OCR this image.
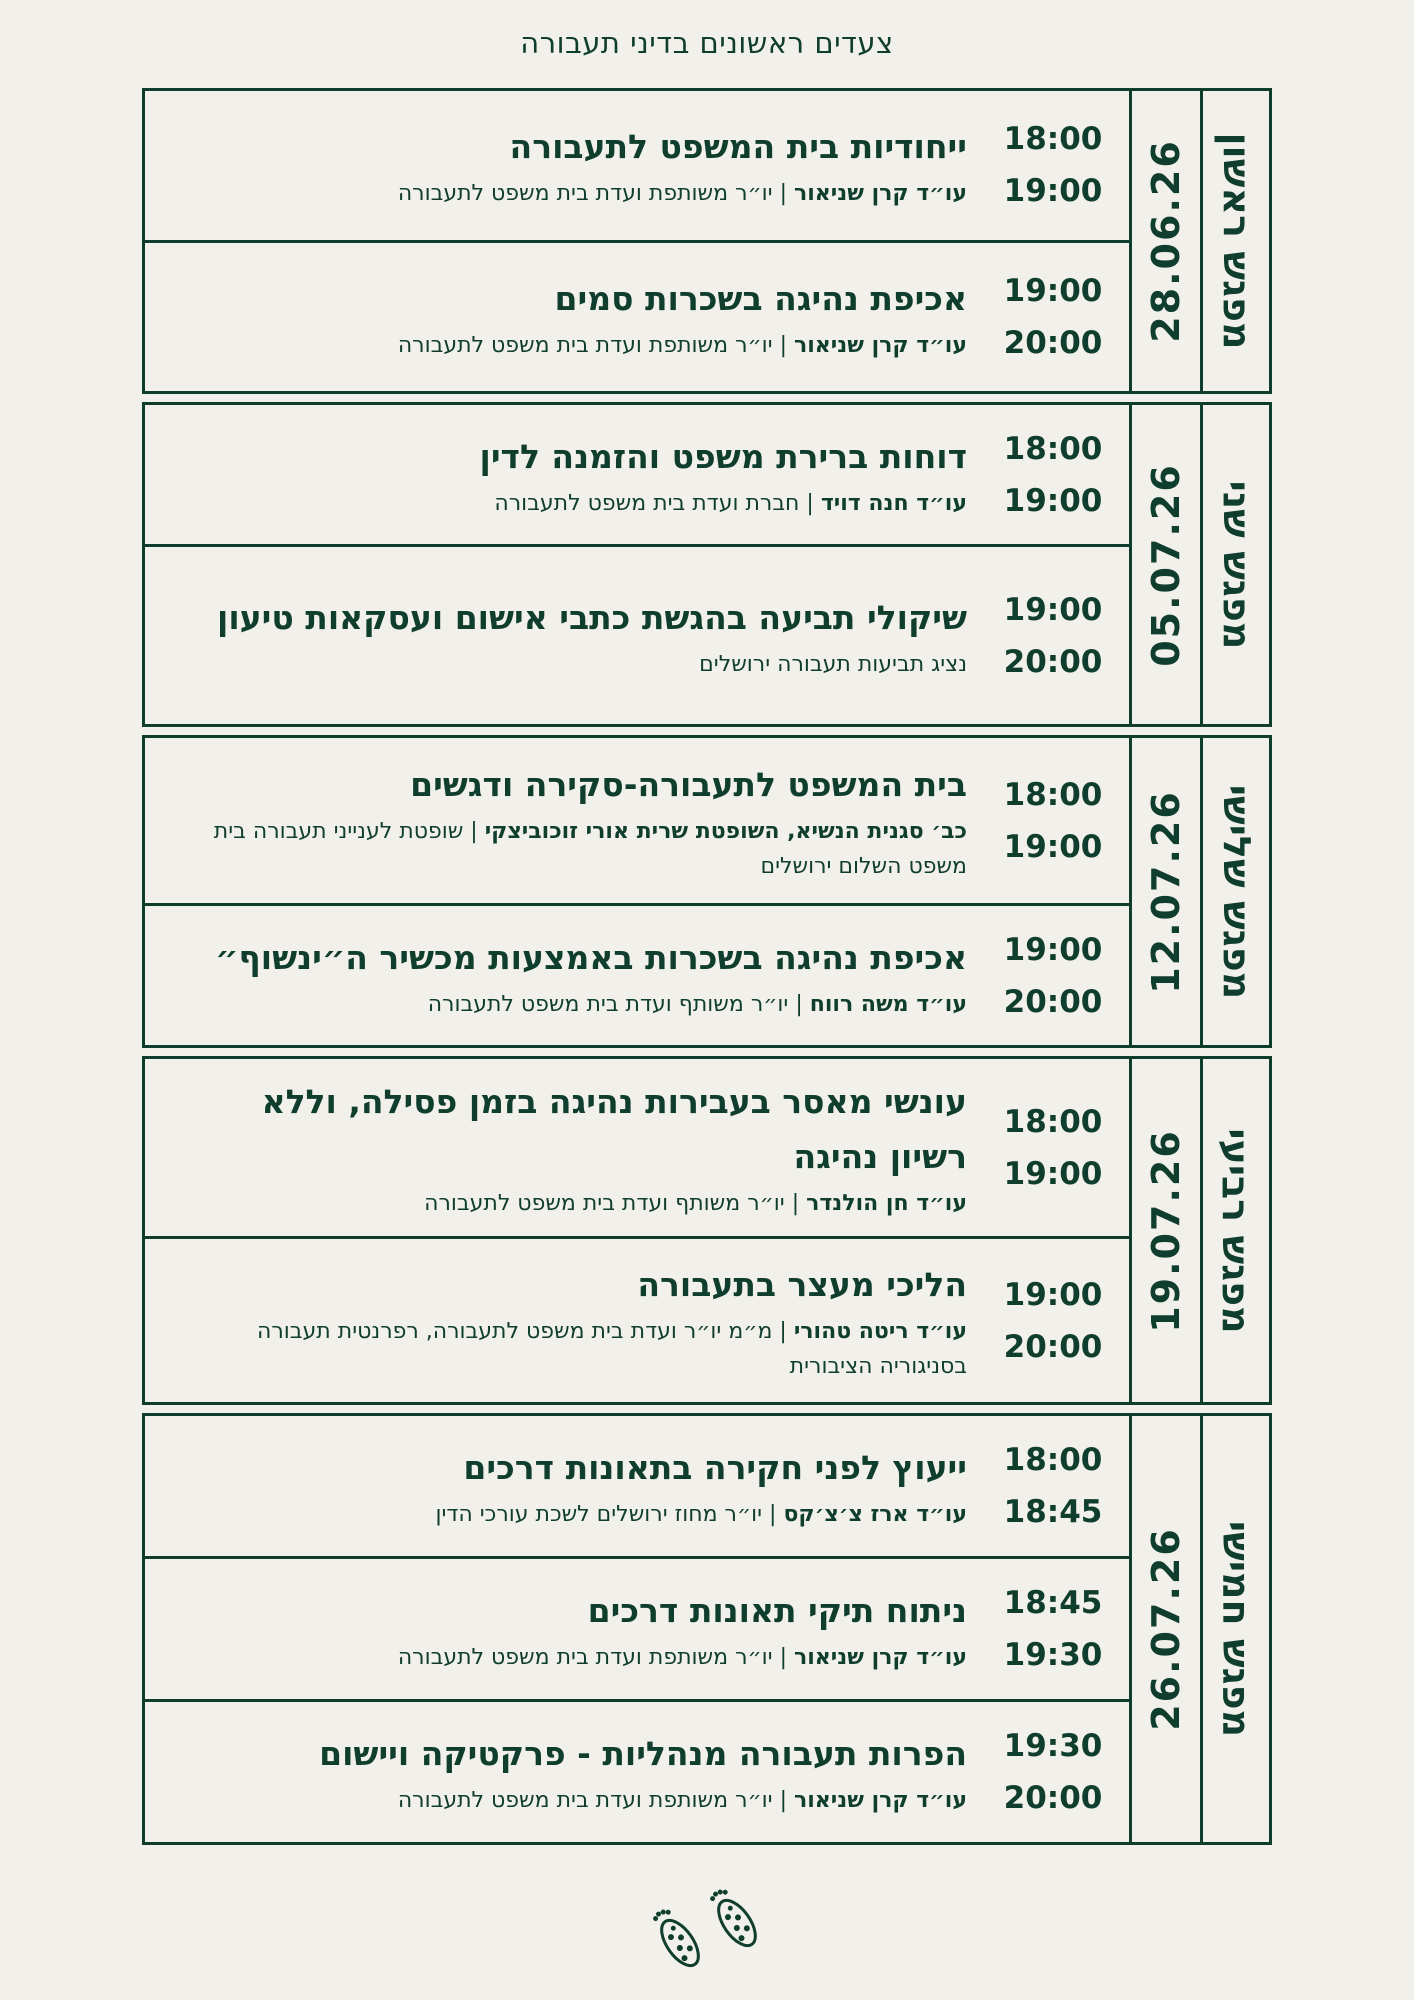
צעדים ראשונים בדיני תעבורה
ייחודיות בית המשפט לתעבורה
עו״ד קרן שניאור | יו״ר משותפת ועדת בית משפט לתעבורה
18:00
19:00
אכיפת נהיגה בשכרות סמים
עו״ד קרן שניאור | יו״ר משותפת ועדת בית משפט לתעבורה
19:00
20:00	28.06.26 מפגש ראשון
דוחות ברירת משפט והזמנה לדין
עו״ד חנה דויד | חברת ועדת בית משפט לתעבורה
18:00
19:00
שיקולי תביעה בהגשת כתבי אישום ועסקאות טיעון
נציג תביעות תעבורה ירושלים
19:00
20:00	05.07.26 מפגש שני
בית המשפט לתעבורה-סקירה ודגשים
כב׳ סגנית הנשיא, השופטת שרית אורי זוכוביצקי | שופטת לענייני תעבורה בית משפט השלום ירושלים
18:00
19:00
אכיפת נהיגה בשכרות באמצעות מכשיר ה״ינשוף״
עו״ד משה רווח | יו״ר משותף ועדת בית משפט לתעבורה
19:00
20:00
12.07.26 מפגש שלישי
עונשי מאסר בעבירות נהיגה בזמן פסילה, וללא רשיון נהיגה
עו״ד חן הולנדר | יו״ר משותף ועדת בית משפט לתעבורה
18:00
19:00
הליכי מעצר בתעבורה
עו״ד ריטה טהורי | מ״מ יו״ר ועדת בית משפט לתעבורה, רפרנטית תעבורה בסניגוריה הציבורית
19:00
20:00
19.07.26 מפגש רביעי
ייעוץ לפני חקירה בתאונות דרכים
עו״ד ארז צ׳צ׳קס | יו״ר מחוז ירושלים לשכת עורכי הדין
18:00
18:45
ניתוח תיקי תאונות דרכים
עו״ד קרן שניאור | יו״ר משותפת ועדת בית משפט לתעבורה
18:45
19:30
הפרות תעבורה מנהליות - פרקטיקה ויישום
עו״ד קרן שניאור | יו״ר משותפת ועדת בית משפט לתעבורה
19:30
20:00
26.07.26 מפגש חמישי
